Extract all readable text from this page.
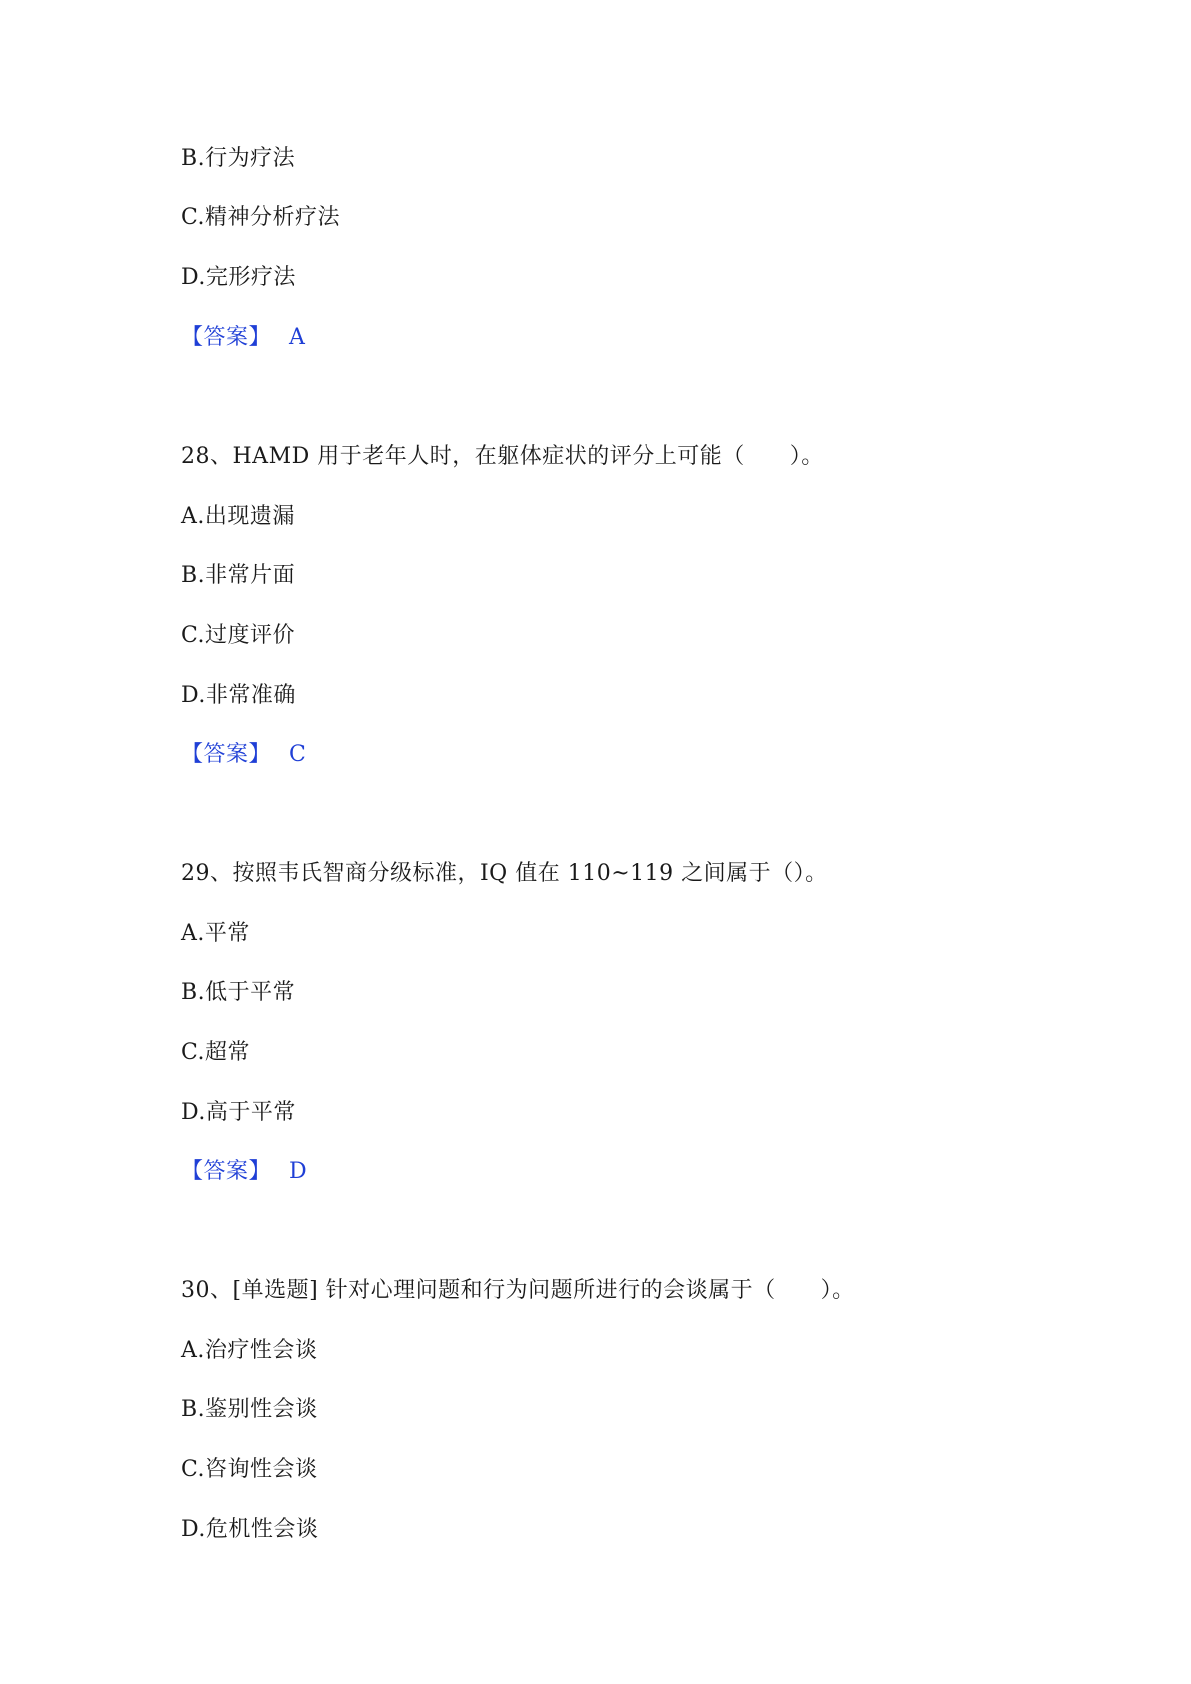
B.行为疗法
C.精神分析疗法
D.完形疗法
【答案】 A
28、HAMD 用于老年人时，在躯体症状的评分上可能（　　）。
A.出现遗漏
B.非常片面
C.过度评价
D.非常准确
【答案】 C
29、按照韦氏智商分级标准，IQ 值在 110~119 之间属于（）。
A.平常
B.低于平常
C.超常
D.高于平常
【答案】 D
30、[单选题] 针对心理问题和行为问题所进行的会谈属于（　　）。
A.治疗性会谈
B.鉴别性会谈
C.咨询性会谈
D.危机性会谈
